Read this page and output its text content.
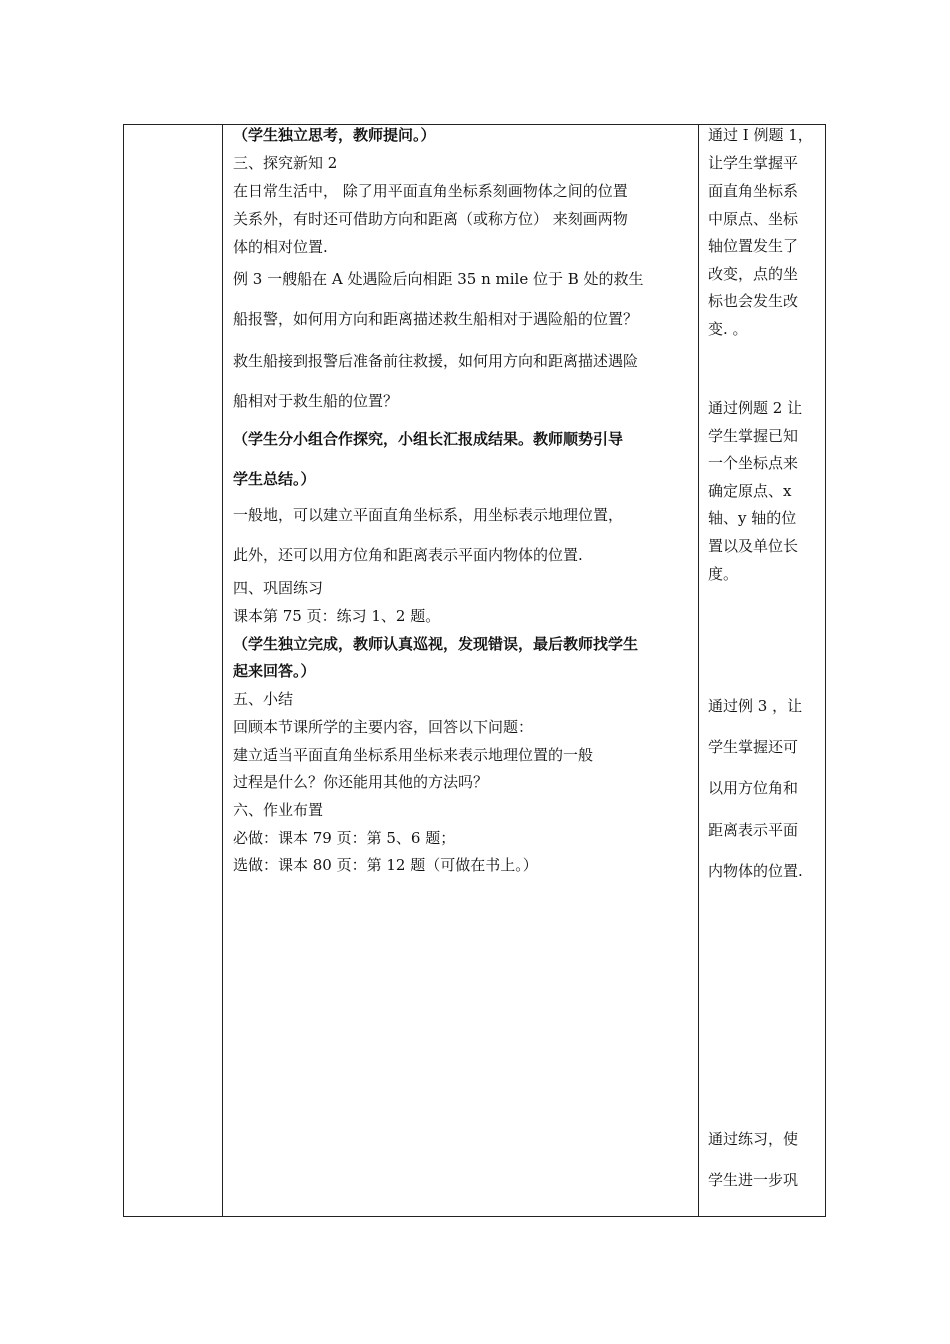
（学生独立思考，教师提问。）
三、探究新知 2
在日常生活中， 除了用平面直角坐标系刻画物体之间的位置
关系外，有时还可借助方向和距离（或称方位） 来刻画两物
体的相对位置.
例 3 一艘船在 A 处遇险后向相距 35 n mile 位于 B 处的救生
船报警，如何用方向和距离描述救生船相对于遇险船的位置？
救生船接到报警后准备前往救援，如何用方向和距离描述遇险
船相对于救生船的位置？
（学生分小组合作探究，小组长汇报成结果。教师顺势引导
学生总结。）
一般地，可以建立平面直角坐标系，用坐标表示地理位置，
此外，还可以用方位角和距离表示平面内物体的位置.
四、巩固练习
课本第 75 页：练习 1、2 题。
（学生独立完成，教师认真巡视，发现错误，最后教师找学生
起来回答。）
五、小结
回顾本节课所学的主要内容，回答以下问题：
建立适当平面直角坐标系用坐标来表示地理位置的一般
过程是什么？你还能用其他的方法吗？
六、作业布置
必做：课本 79 页：第 5、6 题；
选做：课本 80 页：第 12 题（可做在书上。）
通过 I 例题 1，
让学生掌握平
面直角坐标系
中原点、坐标
轴位置发生了
改变，点的坐
标也会发生改
变. 。
通过例题 2 让
学生掌握已知
一个坐标点来
确定原点、x
轴、y 轴的位
置以及单位长
度。
通过例 3 ，让
学生掌握还可
以用方位角和
距离表示平面
内物体的位置.
通过练习，使
学生进一步巩
